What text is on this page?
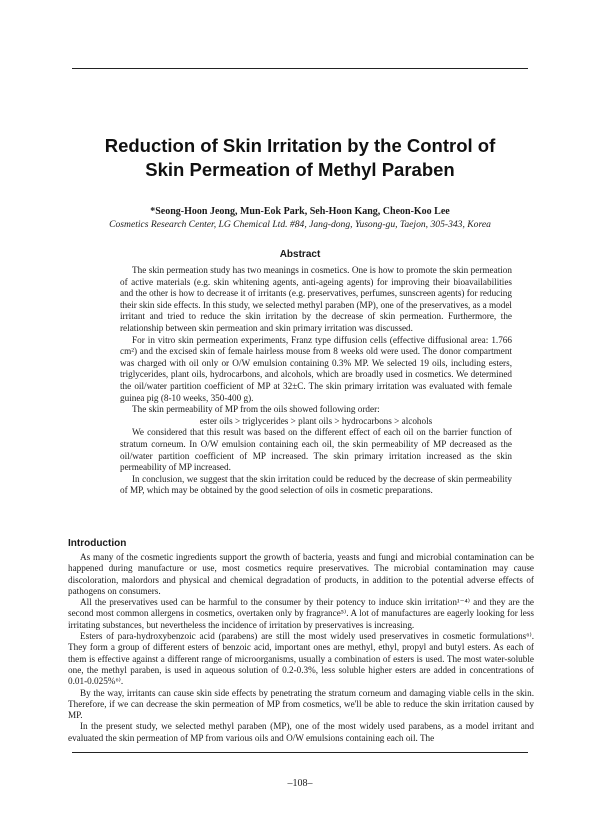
Reduction of Skin Irritation by the Control of
Skin Permeation of Methyl Paraben
*Seong-Hoon Jeong, Mun-Eok Park, Seh-Hoon Kang, Cheon-Koo Lee
Cosmetics Research Center, LG Chemical Ltd. #84, Jang-dong, Yusong-gu, Taejon, 305-343, Korea
Abstract

The skin permeation study has two meanings in cosmetics. One is how to promote the skin permeation of active materials (e.g. skin whitening agents, anti-ageing agents) for improving their bioavailabilities and the other is how to decrease it of irritants (e.g. preservatives, perfumes, sunscreen agents) for reducing their skin side effects. In this study, we selected methyl paraben (MP), one of the preservatives, as a model irritant and tried to reduce the skin irritation by the decrease of skin permeation. Furthermore, the relationship between skin permeation and skin primary irritation was discussed.

For in vitro skin permeation experiments, Franz type diffusion cells (effective diffusional area: 1.766 cm²) and the excised skin of female hairless mouse from 8 weeks old were used. The donor compartment was charged with oil only or O/W emulsion containing 0.3% MP. We selected 19 oils, including esters, triglycerides, plant oils, hydrocarbons, and alcohols, which are broadly used in cosmetics. We determined the oil/water partition coefficient of MP at 32±C. The skin primary irritation was evaluated with female guinea pig (8-10 weeks, 350-400 g).

The skin permeability of MP from the oils showed following order:

ester oils > triglycerides > plant oils > hydrocarbons > alcohols

We considered that this result was based on the different effect of each oil on the barrier function of stratum corneum. In O/W emulsion containing each oil, the skin permeability of MP decreased as the oil/water partition coefficient of MP increased. The skin primary irritation increased as the skin permeability of MP increased.

In conclusion, we suggest that the skin irritation could be reduced by the decrease of skin permeability of MP, which may be obtained by the good selection of oils in cosmetic preparations.

Introduction

As many of the cosmetic ingredients support the growth of bacteria, yeasts and fungi and microbial contamination can be happened during manufacture or use, most cosmetics require preservatives. The microbial contamination may cause discoloration, malordors and physical and chemical degradation of products, in addition to the potential adverse effects of pathogens on consumers.

All the preservatives used can be harmful to the consumer by their potency to induce skin irritation¹⁻⁴⁾ and they are the second most common allergens in cosmetics, overtaken only by fragrance⁵⁾. A lot of manufactures are eagerly looking for less irritating substances, but nevertheless the incidence of irritation by preservatives is increasing.

Esters of para-hydroxybenzoic acid (parabens) are still the most widely used preservatives in cosmetic formulations⁶⁾. They form a group of different esters of benzoic acid, important ones are methyl, ethyl, propyl and butyl esters. As each of them is effective against a different range of microorganisms, usually a combination of esters is used. The most water-soluble one, the methyl paraben, is used in aqueous solution of 0.2-0.3%, less soluble higher esters are added in concentrations of 0.01-0.025%⁶⁾.

By the way, irritants can cause skin side effects by penetrating the stratum corneum and damaging viable cells in the skin. Therefore, if we can decrease the skin permeation of MP from cosmetics, we'll be able to reduce the skin irritation caused by MP.

In the present study, we selected methyl paraben (MP), one of the most widely used parabens, as a model irritant and evaluated the skin permeation of MP from various oils and O/W emulsions containing each oil. The

–108–
